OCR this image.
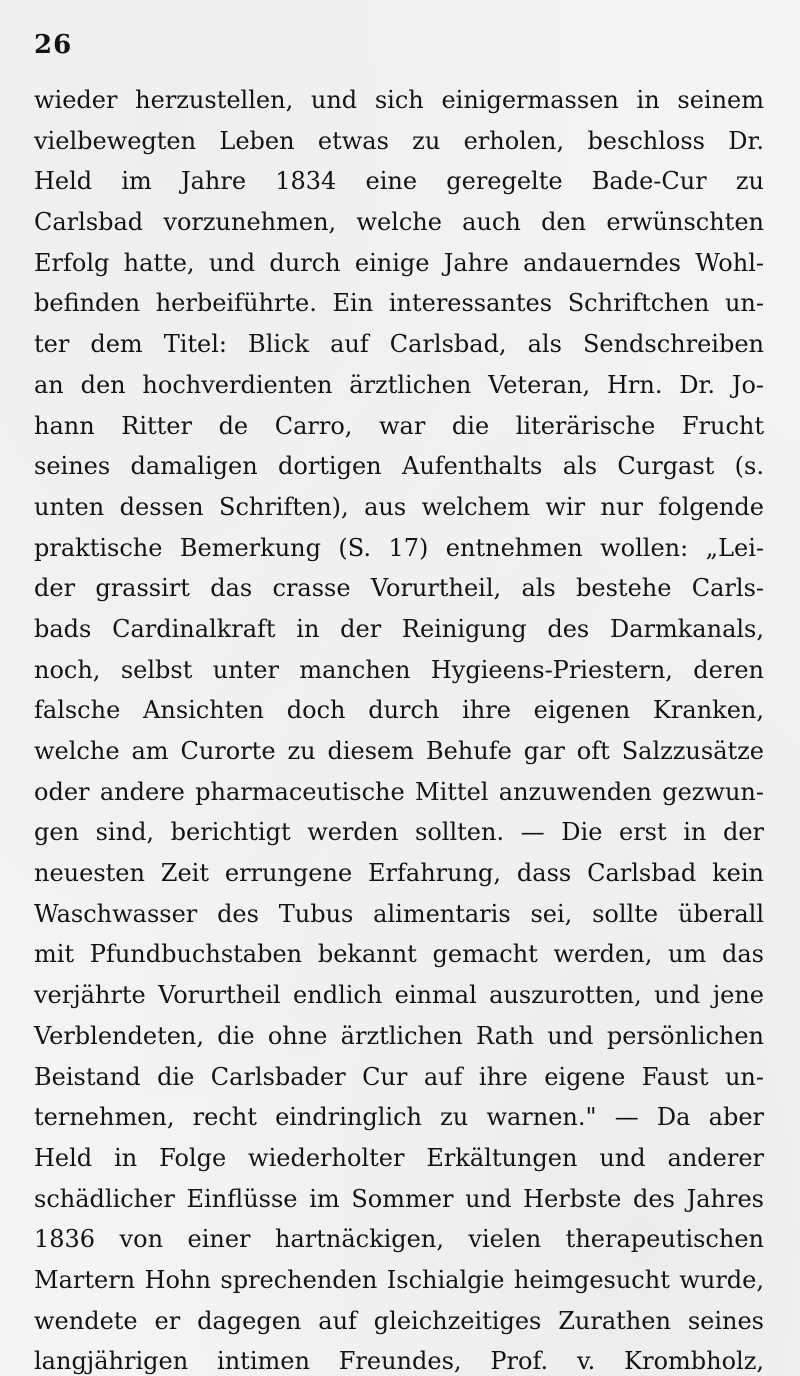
26
wieder herzustellen, und sich einigermassen in seinem
vielbewegten Leben etwas zu erholen, beschloss Dr.
Held im Jahre 1834 eine geregelte Bade-Cur zu
Carlsbad vorzunehmen, welche auch den erwünschten
Erfolg hatte, und durch einige Jahre andauerndes Wohl-
befinden herbeiführte. Ein interessantes Schriftchen un-
ter dem Titel: Blick auf Carlsbad, als Sendschreiben
an den hochverdienten ärztlichen Veteran, Hrn. Dr. Jo-
hann Ritter de Carro, war die literärische Frucht
seines damaligen dortigen Aufenthalts als Curgast (s.
unten dessen Schriften), aus welchem wir nur folgende
praktische Bemerkung (S. 17) entnehmen wollen: „Lei-
der grassirt das crasse Vorurtheil, als bestehe Carls-
bads Cardinalkraft in der Reinigung des Darmkanals,
noch, selbst unter manchen Hygieens-Priestern, deren
falsche Ansichten doch durch ihre eigenen Kranken,
welche am Curorte zu diesem Behufe gar oft Salzzusätze
oder andere pharmaceutische Mittel anzuwenden gezwun-
gen sind, berichtigt werden sollten. — Die erst in der
neuesten Zeit errungene Erfahrung, dass Carlsbad kein
Waschwasser des Tubus alimentaris sei, sollte überall
mit Pfundbuchstaben bekannt gemacht werden, um das
verjährte Vorurtheil endlich einmal auszurotten, und jene
Verblendeten, die ohne ärztlichen Rath und persönlichen
Beistand die Carlsbader Cur auf ihre eigene Faust un-
ternehmen, recht eindringlich zu warnen." — Da aber
Held in Folge wiederholter Erkältungen und anderer
schädlicher Einflüsse im Sommer und Herbste des Jahres
1836 von einer hartnäckigen, vielen therapeutischen
Martern Hohn sprechenden Ischialgie heimgesucht wurde,
wendete er dagegen auf gleichzeitiges Zurathen seines
langjährigen intimen Freundes, Prof. v. Krombholz,
